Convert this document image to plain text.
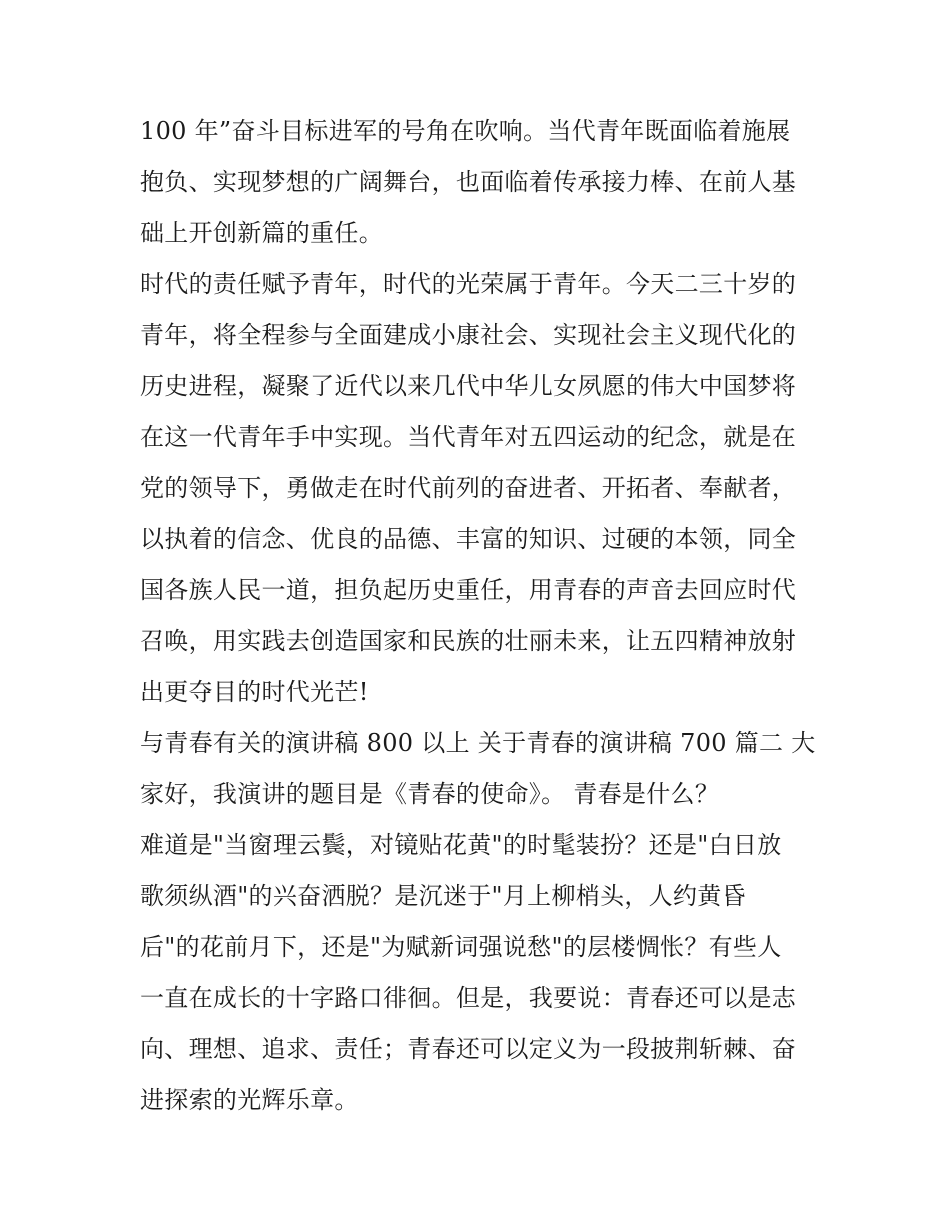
100 年”奋斗目标进军的号角在吹响。当代青年既面临着施展
抱负、实现梦想的广阔舞台，也面临着传承接力棒、在前人基
础上开创新篇的重任。
时代的责任赋予青年，时代的光荣属于青年。今天二三十岁的
青年，将全程参与全面建成小康社会、实现社会主义现代化的
历史进程，凝聚了近代以来几代中华儿女夙愿的伟大中国梦将
在这一代青年手中实现。当代青年对五四运动的纪念，就是在
党的领导下，勇做走在时代前列的奋进者、开拓者、奉献者，
以执着的信念、优良的品德、丰富的知识、过硬的本领，同全
国各族人民一道，担负起历史重任，用青春的声音去回应时代
召唤，用实践去创造国家和民族的壮丽未来，让五四精神放射
出更夺目的时代光芒!
与青春有关的演讲稿 800 以上 关于青春的演讲稿 700 篇二 大
家好，我演讲的题目是《青春的使命》。 青春是什么？
难道是"当窗理云鬓，对镜贴花黄"的时髦装扮？还是"白日放
歌须纵酒"的兴奋洒脱？是沉迷于"月上柳梢头，人约黄昏
后"的花前月下，还是"为赋新词强说愁"的层楼惆怅？有些人
一直在成长的十字路口徘徊。但是，我要说：青春还可以是志
向、理想、追求、责任；青春还可以定义为一段披荆斩棘、奋
进探索的光辉乐章。
